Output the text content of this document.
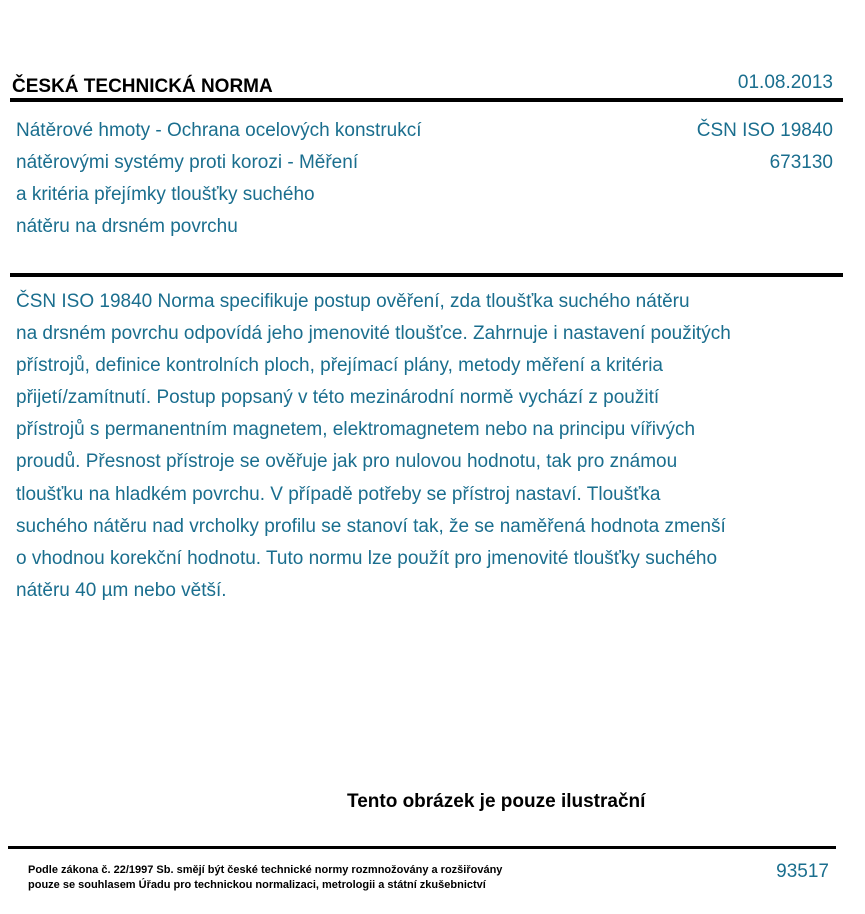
ČESKÁ TECHNICKÁ NORMA	01.08.2013
Nátěrové hmoty - Ochrana ocelových konstrukcí
nátěrovými systémy proti korozi - Měření
a kritéria přejímky tloušťky suchého
nátěru na drsném povrchu
ČSN ISO 19840
673130
ČSN ISO 19840 Norma specifikuje postup ověření, zda tloušťka suchého nátěru
na drsném povrchu odpovídá jeho jmenovité tloušťce. Zahrnuje i nastavení použitých
přístrojů, definice kontrolních ploch, přejímací plány, metody měření a kritéria
přijetí/zamítnutí. Postup popsaný v této mezinárodní normě vychází z použití
přístrojů s permanentním magnetem, elektromagnetem nebo na principu vířivých
proudů. Přesnost přístroje se ověřuje jak pro nulovou hodnotu, tak pro známou
tloušťku na hladkém povrchu. V případě potřeby se přístroj nastaví. Tloušťka
suchého nátěru nad vrcholky profilu se stanoví tak, že se naměřená hodnota zmenší
o vhodnou korekční hodnotu. Tuto normu lze použít pro jmenovité tloušťky suchého
nátěru 40 µm nebo větší.
Tento obrázek je pouze ilustrační
Podle zákona č. 22/1997 Sb. smějí být české technické normy rozmnožovány a rozšiřovány
pouze se souhlasem Úřadu pro technickou normalizaci, metrologii a státní zkušebnictví
93517
